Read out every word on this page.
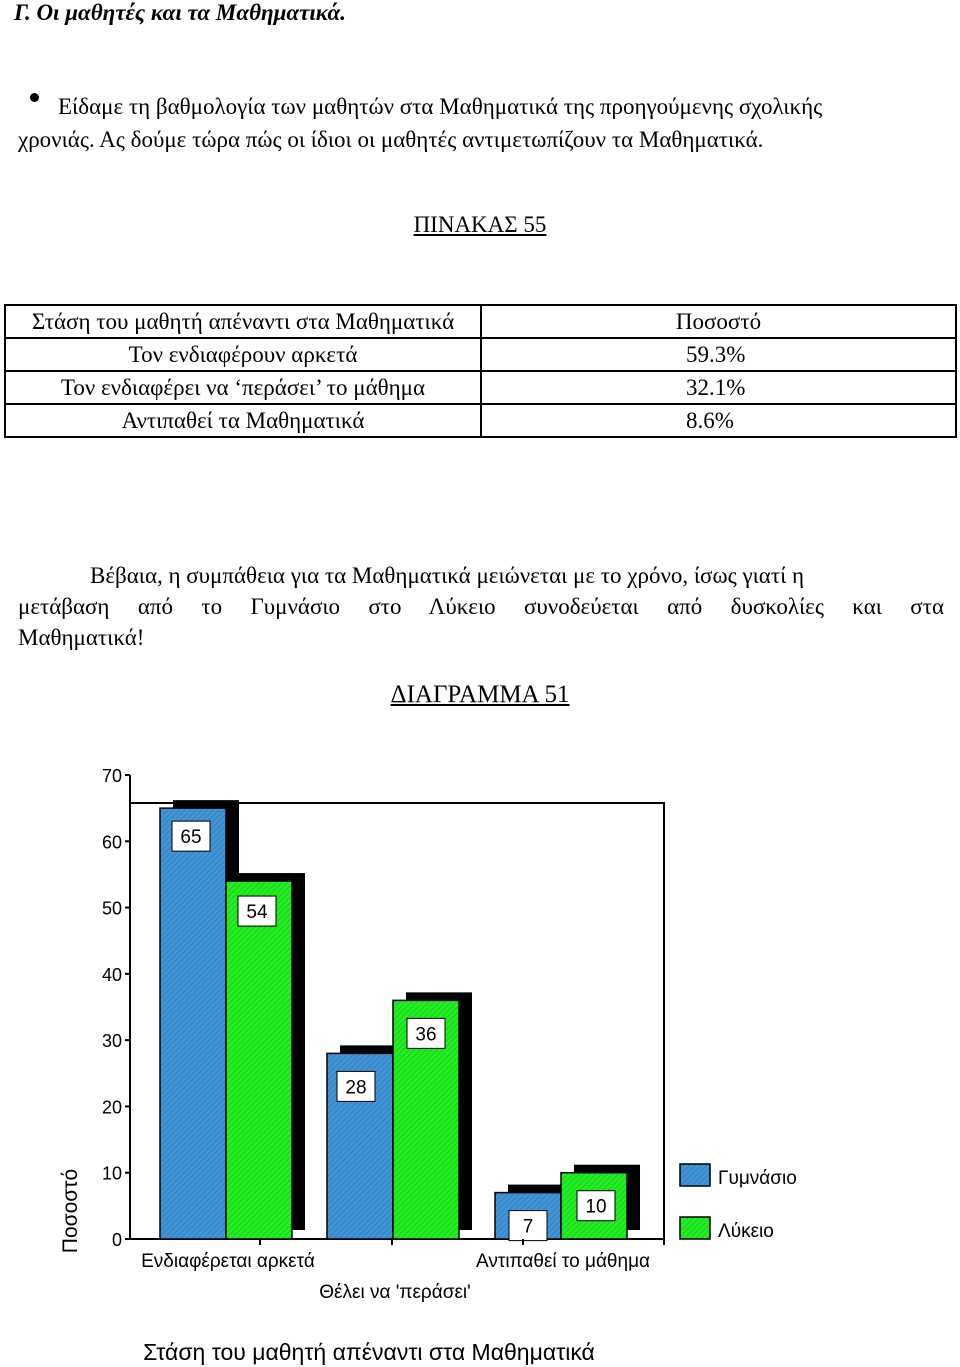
Γ. Οι μαθητές και τα Μαθηματικά.
Είδαμε τη βαθμολογία των μαθητών στα Μαθηματικά της προηγούμενης σχολικής
χρονιάς. Ας δούμε τώρα πώς οι ίδιοι οι μαθητές αντιμετωπίζουν τα Μαθηματικά.
ΠΙΝΑΚΑΣ 55
Στάση του μαθητή απέναντι στα Μαθηματικά	Ποσοστό
Τον ενδιαφέρουν αρκετά	59.3%
Τον ενδιαφέρει να ‘περάσει’ το μάθημα	32.1%
Αντιπαθεί τα Μαθηματικά	8.6%
Βέβαια, η συμπάθεια για τα Μαθηματικά μειώνεται με το χρόνο, ίσως γιατί η
μετάβαση από το Γυμνάσιο στο Λύκειο συνοδεύεται από δυσκολίες και στα
Μαθηματικά!
ΔΙΑΓΡΑΜΜΑ 51
0
10
20
30
40
50
60
70
Ποσοστό
65
28
7
54
36
10
Ενδιαφέρεται αρκετά
Θέλει να 'περάσει'
Αντιπαθεί το μάθημα
Στάση του μαθητή απέναντι στα Μαθηματικά
Γυμνάσιο
Λύκειο
